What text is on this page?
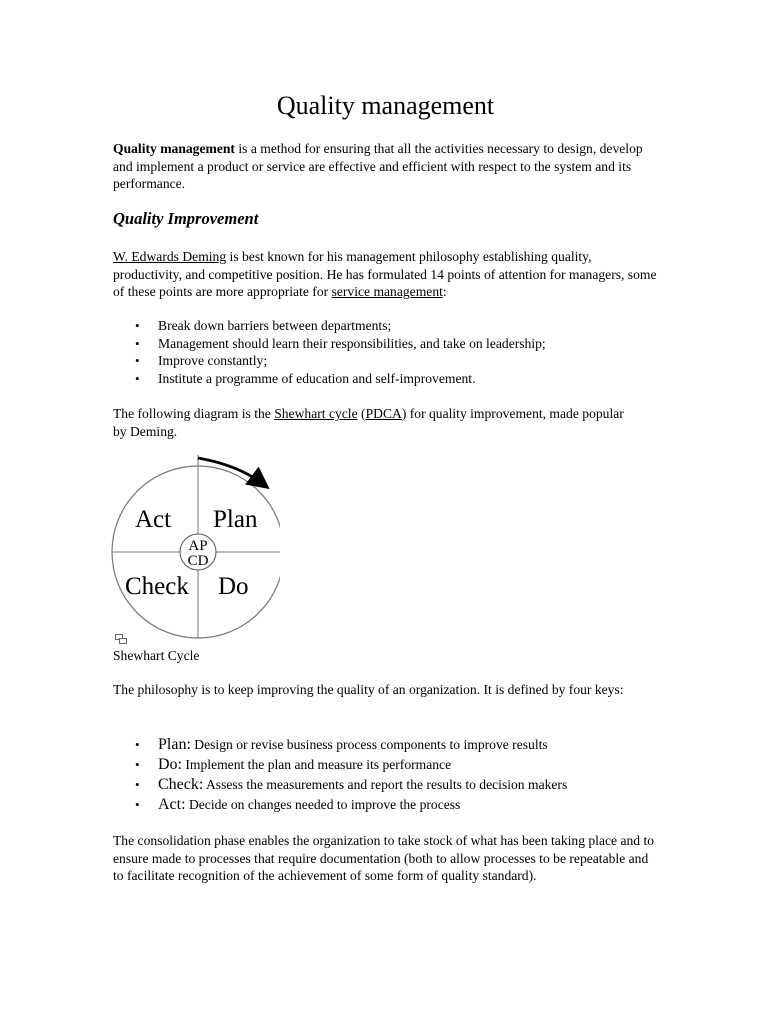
Quality management

Quality management is a method for ensuring that all the activities necessary to design, develop and implement a product or service are effective and efficient with respect to the system and its performance.

Quality Improvement

W. Edwards Deming is best known for his management philosophy establishing quality, productivity, and competitive position. He has formulated 14 points of attention for managers, some of these points are more appropriate for service management:

• Break down barriers between departments;
• Management should learn their responsibilities, and take on leadership;
• Improve constantly;
• Institute a programme of education and self-improvement.

The following diagram is the Shewhart cycle (PDCA) for quality improvement, made popular by Deming.

Shewhart Cycle

The philosophy is to keep improving the quality of an organization. It is defined by four keys:

• Plan: Design or revise business process components to improve results
• Do: Implement the plan and measure its performance
• Check: Assess the measurements and report the results to decision makers
• Act: Decide on changes needed to improve the process

The consolidation phase enables the organization to take stock of what has been taking place and to ensure made to processes that require documentation (both to allow processes to be repeatable and to facilitate recognition of the achievement of some form of quality standard).

Act Plan
Check Do
AP
CD
